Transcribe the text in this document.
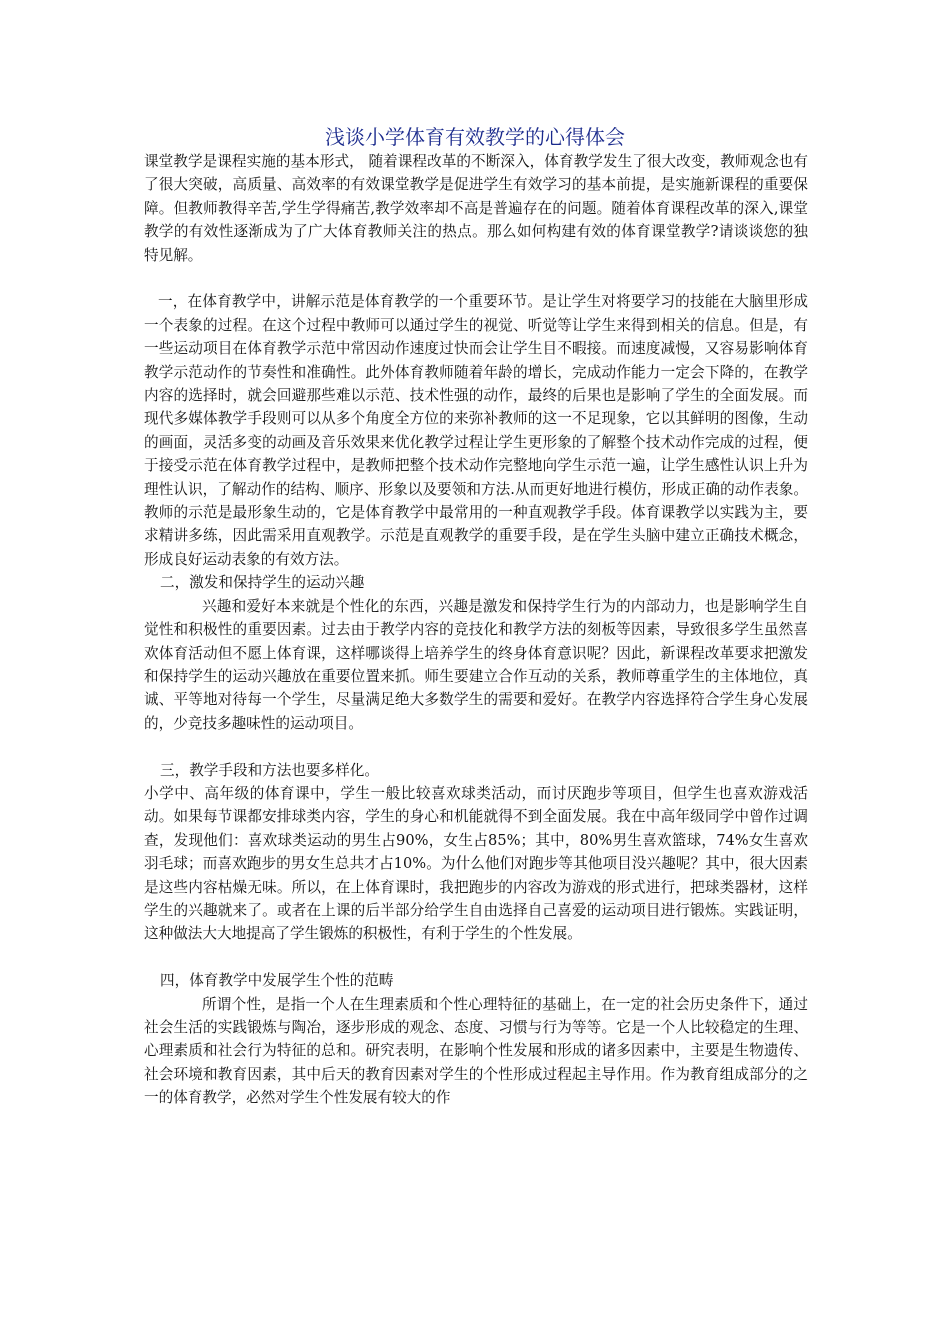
浅谈小学体育有效教学的心得体会

课堂教学是课程实施的基本形式， 随着课程改革的不断深入，体育教学发生了很大改变，教师观念也有了很大突破，高质量、高效率的有效课堂教学是促进学生有效学习的基本前提，是实施新课程的重要保障。但教师教得辛苦,学生学得痛苦,教学效率却不高是普遍存在的问题。随着体育课程改革的深入,课堂教学的有效性逐渐成为了广大体育教师关注的热点。那么如何构建有效的体育课堂教学?请谈谈您的独特见解。

一，在体育教学中，讲解示范是体育教学的一个重要环节。是让学生对将要学习的技能在大脑里形成一个表象的过程。在这个过程中教师可以通过学生的视觉、听觉等让学生来得到相关的信息。但是，有一些运动项目在体育教学示范中常因动作速度过快而会让学生目不暇接。而速度减慢，又容易影响体育教学示范动作的节奏性和准确性。此外体育教师随着年龄的增长，完成动作能力一定会下降的，在教学内容的选择时，就会回避那些难以示范、技术性强的动作，最终的后果也是影响了学生的全面发展。而现代多媒体教学手段则可以从多个角度全方位的来弥补教师的这一不足现象，它以其鲜明的图像，生动的画面，灵活多变的动画及音乐效果来优化教学过程让学生更形象的了解整个技术动作完成的过程，便于接受示范在体育教学过程中，是教师把整个技术动作完整地向学生示范一遍，让学生感性认识上升为理性认识，了解动作的结构、顺序、形象以及要领和方法.从而更好地进行模仿，形成正确的动作表象。教师的示范是最形象生动的，它是体育教学中最常用的一种直观教学手段。体育课教学以实践为主，要求精讲多练，因此需采用直观教学。示范是直观教学的重要手段，是在学生头脑中建立正确技术概念，形成良好运动表象的有效方法。

二，激发和保持学生的运动兴趣

兴趣和爱好本来就是个性化的东西，兴趣是激发和保持学生行为的内部动力，也是影响学生自觉性和积极性的重要因素。过去由于教学内容的竞技化和教学方法的刻板等因素，导致很多学生虽然喜欢体育活动但不愿上体育课，这样哪谈得上培养学生的终身体育意识呢？因此，新课程改革要求把激发和保持学生的运动兴趣放在重要位置来抓。师生要建立合作互动的关系，教师尊重学生的主体地位，真诚、平等地对待每一个学生，尽量满足绝大多数学生的需要和爱好。在教学内容选择符合学生身心发展的，少竞技多趣味性的运动项目。

三，教学手段和方法也要多样化。

小学中、高年级的体育课中，学生一般比较喜欢球类活动，而讨厌跑步等项目，但学生也喜欢游戏活动。如果每节课都安排球类内容，学生的身心和机能就得不到全面发展。我在中高年级同学中曾作过调查，发现他们：喜欢球类运动的男生占90%，女生占85%；其中，80%男生喜欢篮球，74%女生喜欢羽毛球；而喜欢跑步的男女生总共才占10%。为什么他们对跑步等其他项目没兴趣呢？其中，很大因素是这些内容枯燥无味。所以，在上体育课时，我把跑步的内容改为游戏的形式进行，把球类器材，这样学生的兴趣就来了。或者在上课的后半部分给学生自由选择自己喜爱的运动项目进行锻炼。实践证明，这种做法大大地提高了学生锻炼的积极性，有利于学生的个性发展。

四，体育教学中发展学生个性的范畴

所谓个性，是指一个人在生理素质和个性心理特征的基础上，在一定的社会历史条件下，通过社会生活的实践锻炼与陶冶，逐步形成的观念、态度、习惯与行为等等。它是一个人比较稳定的生理、心理素质和社会行为特征的总和。研究表明，在影响个性发展和形成的诸多因素中，主要是生物遗传、社会环境和教育因素，其中后天的教育因素对学生的个性形成过程起主导作用。作为教育组成部分的之一的体育教学，必然对学生个性发展有较大的作
